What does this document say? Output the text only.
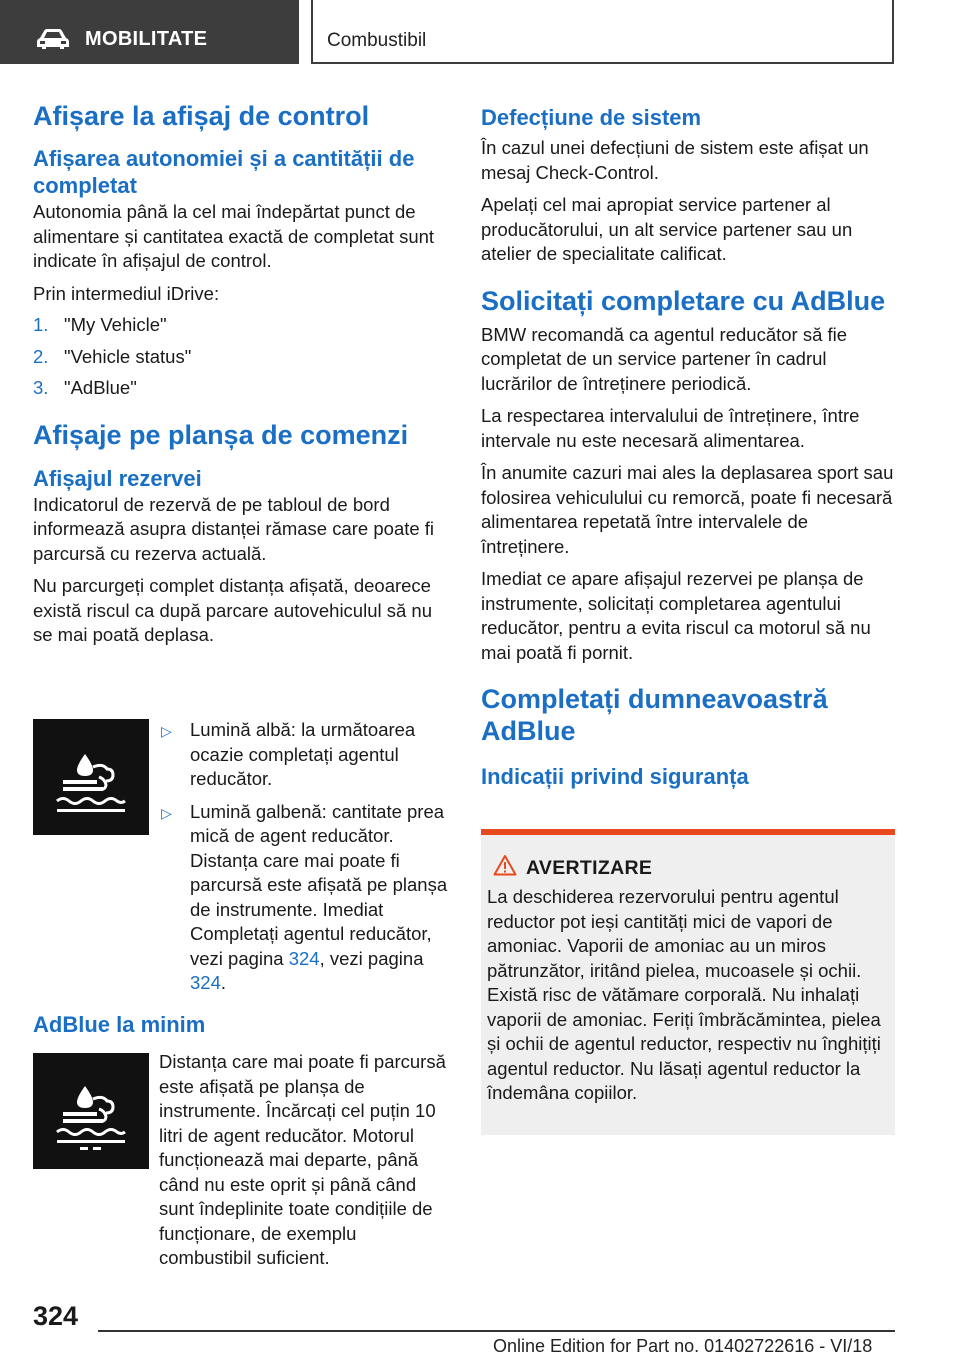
MOBILITATE	Combustibil
Afișare la afișaj de control
Afișarea autonomiei și a cantității de completat

Autonomia până la cel mai îndepărtat punct de alimentare și cantitatea exactă de completat sunt indicate în afișajul de control.

Prin intermediul iDrive:

1. "My Vehicle"
2. "Vehicle status"
3. "AdBlue"
Afișaje pe planșa de comenzi
Afișajul rezervei

Indicatorul de rezervă de pe tabloul de bord informează asupra distanței rămase care poate fi parcursă cu rezerva actuală.

Nu parcurgeți complet distanța afișată, deoarece există riscul ca după parcare autovehiculul să nu se mai poată deplasa.

▷ Lumină albă: la următoarea ocazie completați agentul reducător.
▷ Lumină galbenă: cantitate prea mică de agent reducător. Distanța care mai poate fi parcursă este afișată pe planșa de instrumente. Imediat Completați agentul reducător, vezi pagina 324, vezi pagina 324.
AdBlue la minim

Distanța care mai poate fi parcursă este afișată pe planșa de instrumente. Încărcați cel puțin 10 litri de agent reducător. Motorul funcționează mai departe, până când nu este oprit și până când sunt îndeplinite toate condițiile de funcționare, de exemplu combustibil suficient.

Defecțiune de sistem

În cazul unei defecțiuni de sistem este afișat un mesaj Check-Control.

Apelați cel mai apropiat service partener al producătorului, un alt service partener sau un atelier de specialitate calificat.

Solicitați completare cu AdBlue

BMW recomandă ca agentul reducător să fie completat de un service partener în cadrul lucrărilor de întreținere periodică.

La respectarea intervalului de întreținere, între intervale nu este necesară alimentarea.

În anumite cazuri mai ales la deplasarea sport sau folosirea vehiculului cu remorcă, poate fi necesară alimentarea repetată între intervalele de întreținere.

Imediat ce apare afișajul rezervei pe planșa de instrumente, solicitați completarea agentului reducător, pentru a evita riscul ca motorul să nu mai poată fi pornit.

Completați dumneavoastră AdBlue
Indicații privind siguranța
AVERTIZARE
La deschiderea rezervorului pentru agentul reductor pot ieși cantități mici de vapori de amoniac. Vaporii de amoniac au un miros pătrunzător, iritând pielea, mucoasele și ochii. Există risc de vătămare corporală. Nu inhalați vaporii de amoniac. Feriți îmbrăcămintea, pielea și ochii de agentul reductor, respectiv nu înghițiți agentul reductor. Nu lăsați agentul reductor la îndemâna copiilor.
324
Online Edition for Part no. 01402722616 - VI/18
